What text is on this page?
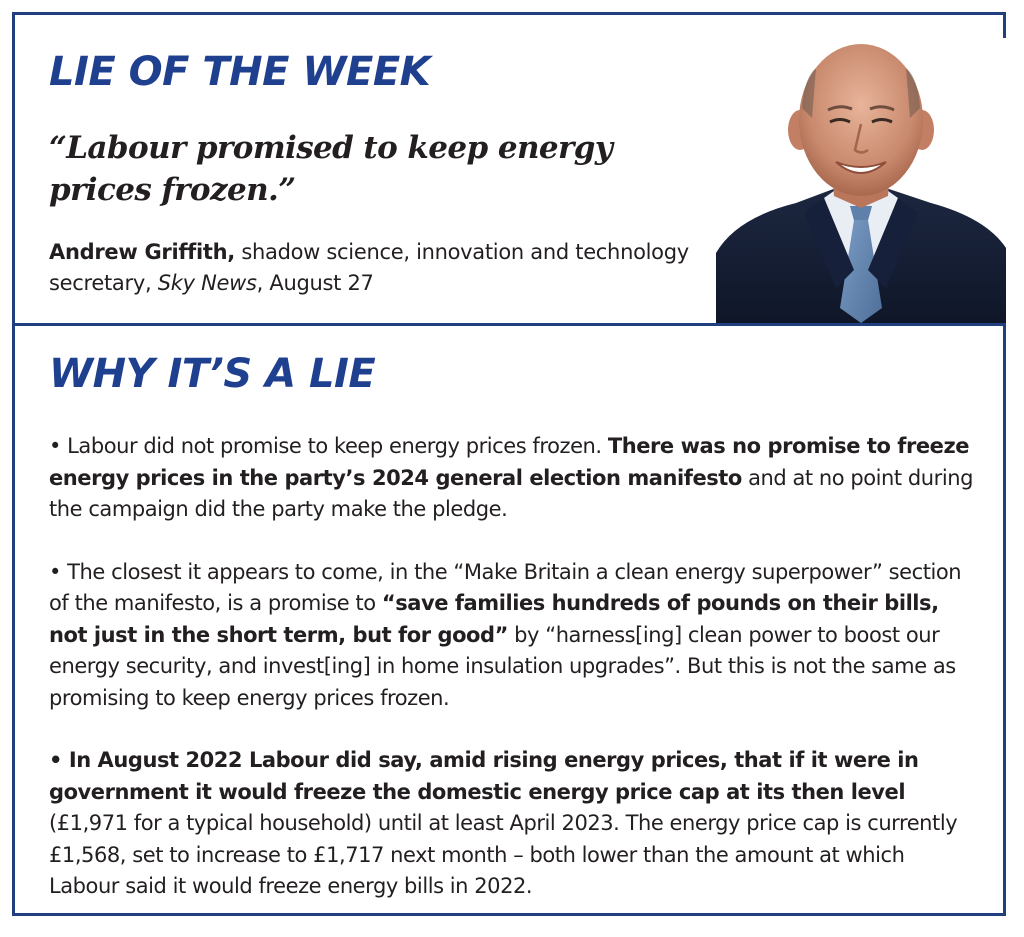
LIE OF THE WEEK

“Labour promised to keep energy prices frozen.”

Andrew Griffith, shadow science, innovation and technology secretary, Sky News, August 27

WHY IT’S A LIE

• Labour did not promise to keep energy prices frozen. There was no promise to freeze energy prices in the party’s 2024 general election manifesto and at no point during the campaign did the party make the pledge.

• The closest it appears to come, in the “Make Britain a clean energy superpower” section of the manifesto, is a promise to “save families hundreds of pounds on their bills, not just in the short term, but for good” by “harness[ing] clean power to boost our energy security, and invest[ing] in home insulation upgrades”. But this is not the same as promising to keep energy prices frozen.

• In August 2022 Labour did say, amid rising energy prices, that if it were in government it would freeze the domestic energy price cap at its then level (£1,971 for a typical household) until at least April 2023. The energy price cap is currently £1,568, set to increase to £1,717 next month – both lower than the amount at which Labour said it would freeze energy bills in 2022.
